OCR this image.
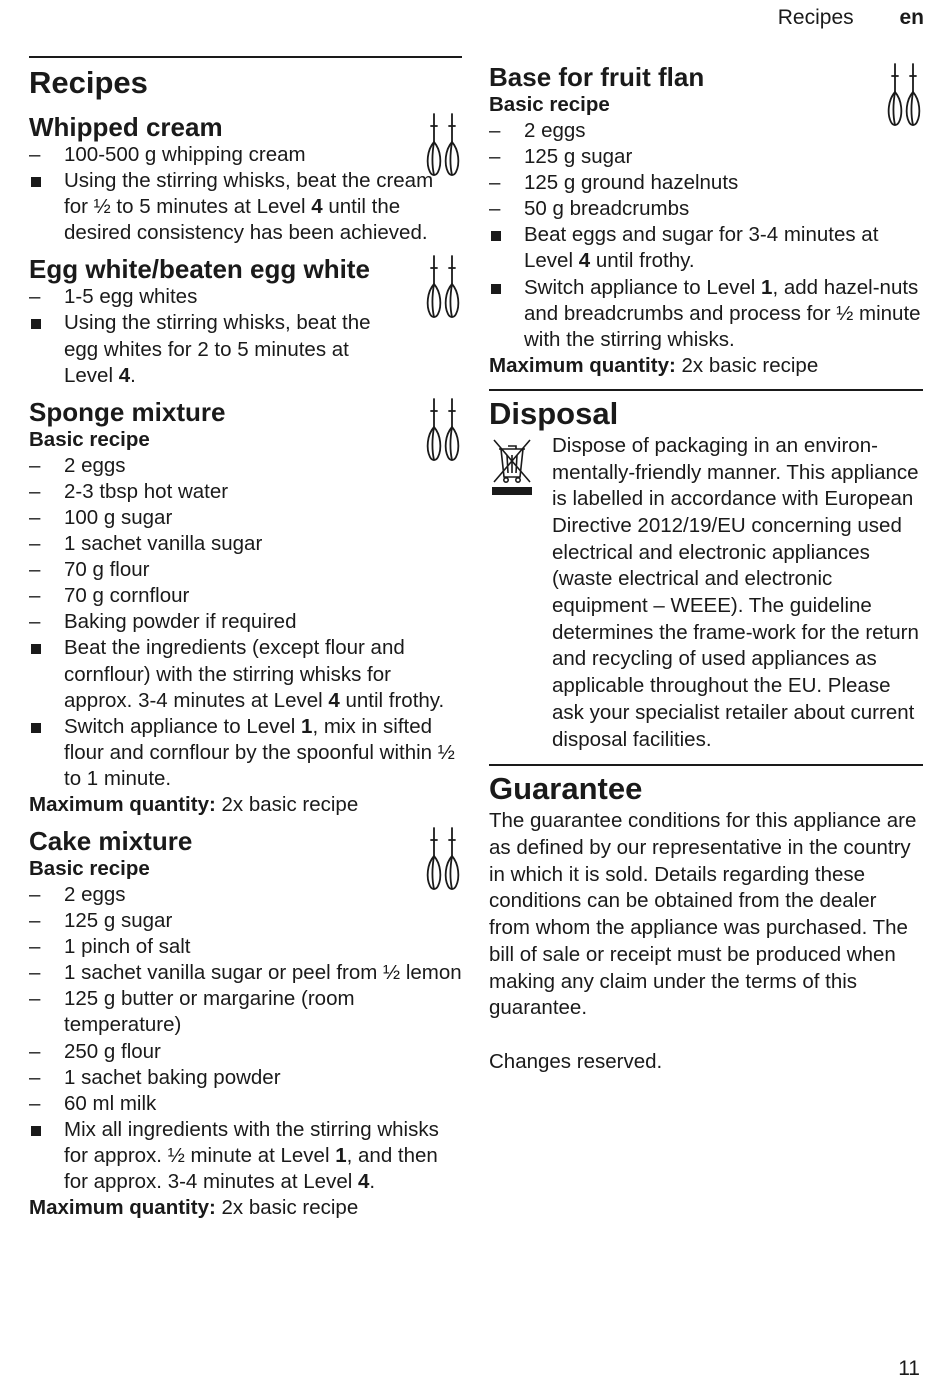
Recipes en
Recipes
Whipped cream
– 100-500 g whipping cream
Using the stirring whisks, beat the cream for ½ to 5 minutes at Level 4 until the desired consistency has been achieved.
Egg white/beaten egg white
– 1-5 egg whites
Using the stirring whisks, beat the egg whites for 2 to 5 minutes at Level 4.
Sponge mixture
Basic recipe
– 2 eggs
– 2-3 tbsp hot water
– 100 g sugar
– 1 sachet vanilla sugar
– 70 g flour
– 70 g cornflour
– Baking powder if required
Beat the ingredients (except flour and cornflour) with the stirring whisks for approx. 3-4 minutes at Level 4 until frothy.
Switch appliance to Level 1, mix in sifted flour and cornflour by the spoonful within ½ to 1 minute.
Maximum quantity: 2x basic recipe
Cake mixture
Basic recipe
– 2 eggs
– 125 g sugar
– 1 pinch of salt
– 1 sachet vanilla sugar or peel from ½ lemon
– 125 g butter or margarine (room temperature)
– 250 g flour
– 1 sachet baking powder
– 60 ml milk
Mix all ingredients with the stirring whisks for approx. ½ minute at Level 1, and then for approx. 3-4 minutes at Level 4.
Maximum quantity: 2x basic recipe
Base for fruit flan
Basic recipe
– 2 eggs
– 125 g sugar
– 125 g ground hazelnuts
– 50 g breadcrumbs
Beat eggs and sugar for 3-4 minutes at Level 4 until frothy.
Switch appliance to Level 1, add hazel-nuts and breadcrumbs and process for ½ minute with the stirring whisks.
Maximum quantity: 2x basic recipe
Disposal
Dispose of packaging in an environ-mentally-friendly manner. This appliance is labelled in accordance with European Directive 2012/19/EU concerning used electrical and electronic appliances (waste electrical and electronic equipment – WEEE). The guideline determines the frame-work for the return and recycling of used appliances as applicable throughout the EU. Please ask your specialist retailer about current disposal facilities.
Guarantee
The guarantee conditions for this appliance are as defined by our representative in the country in which it is sold. Details regarding these conditions can be obtained from the dealer from whom the appliance was purchased. The bill of sale or receipt must be produced when making any claim under the terms of this guarantee.
Changes reserved.
11
